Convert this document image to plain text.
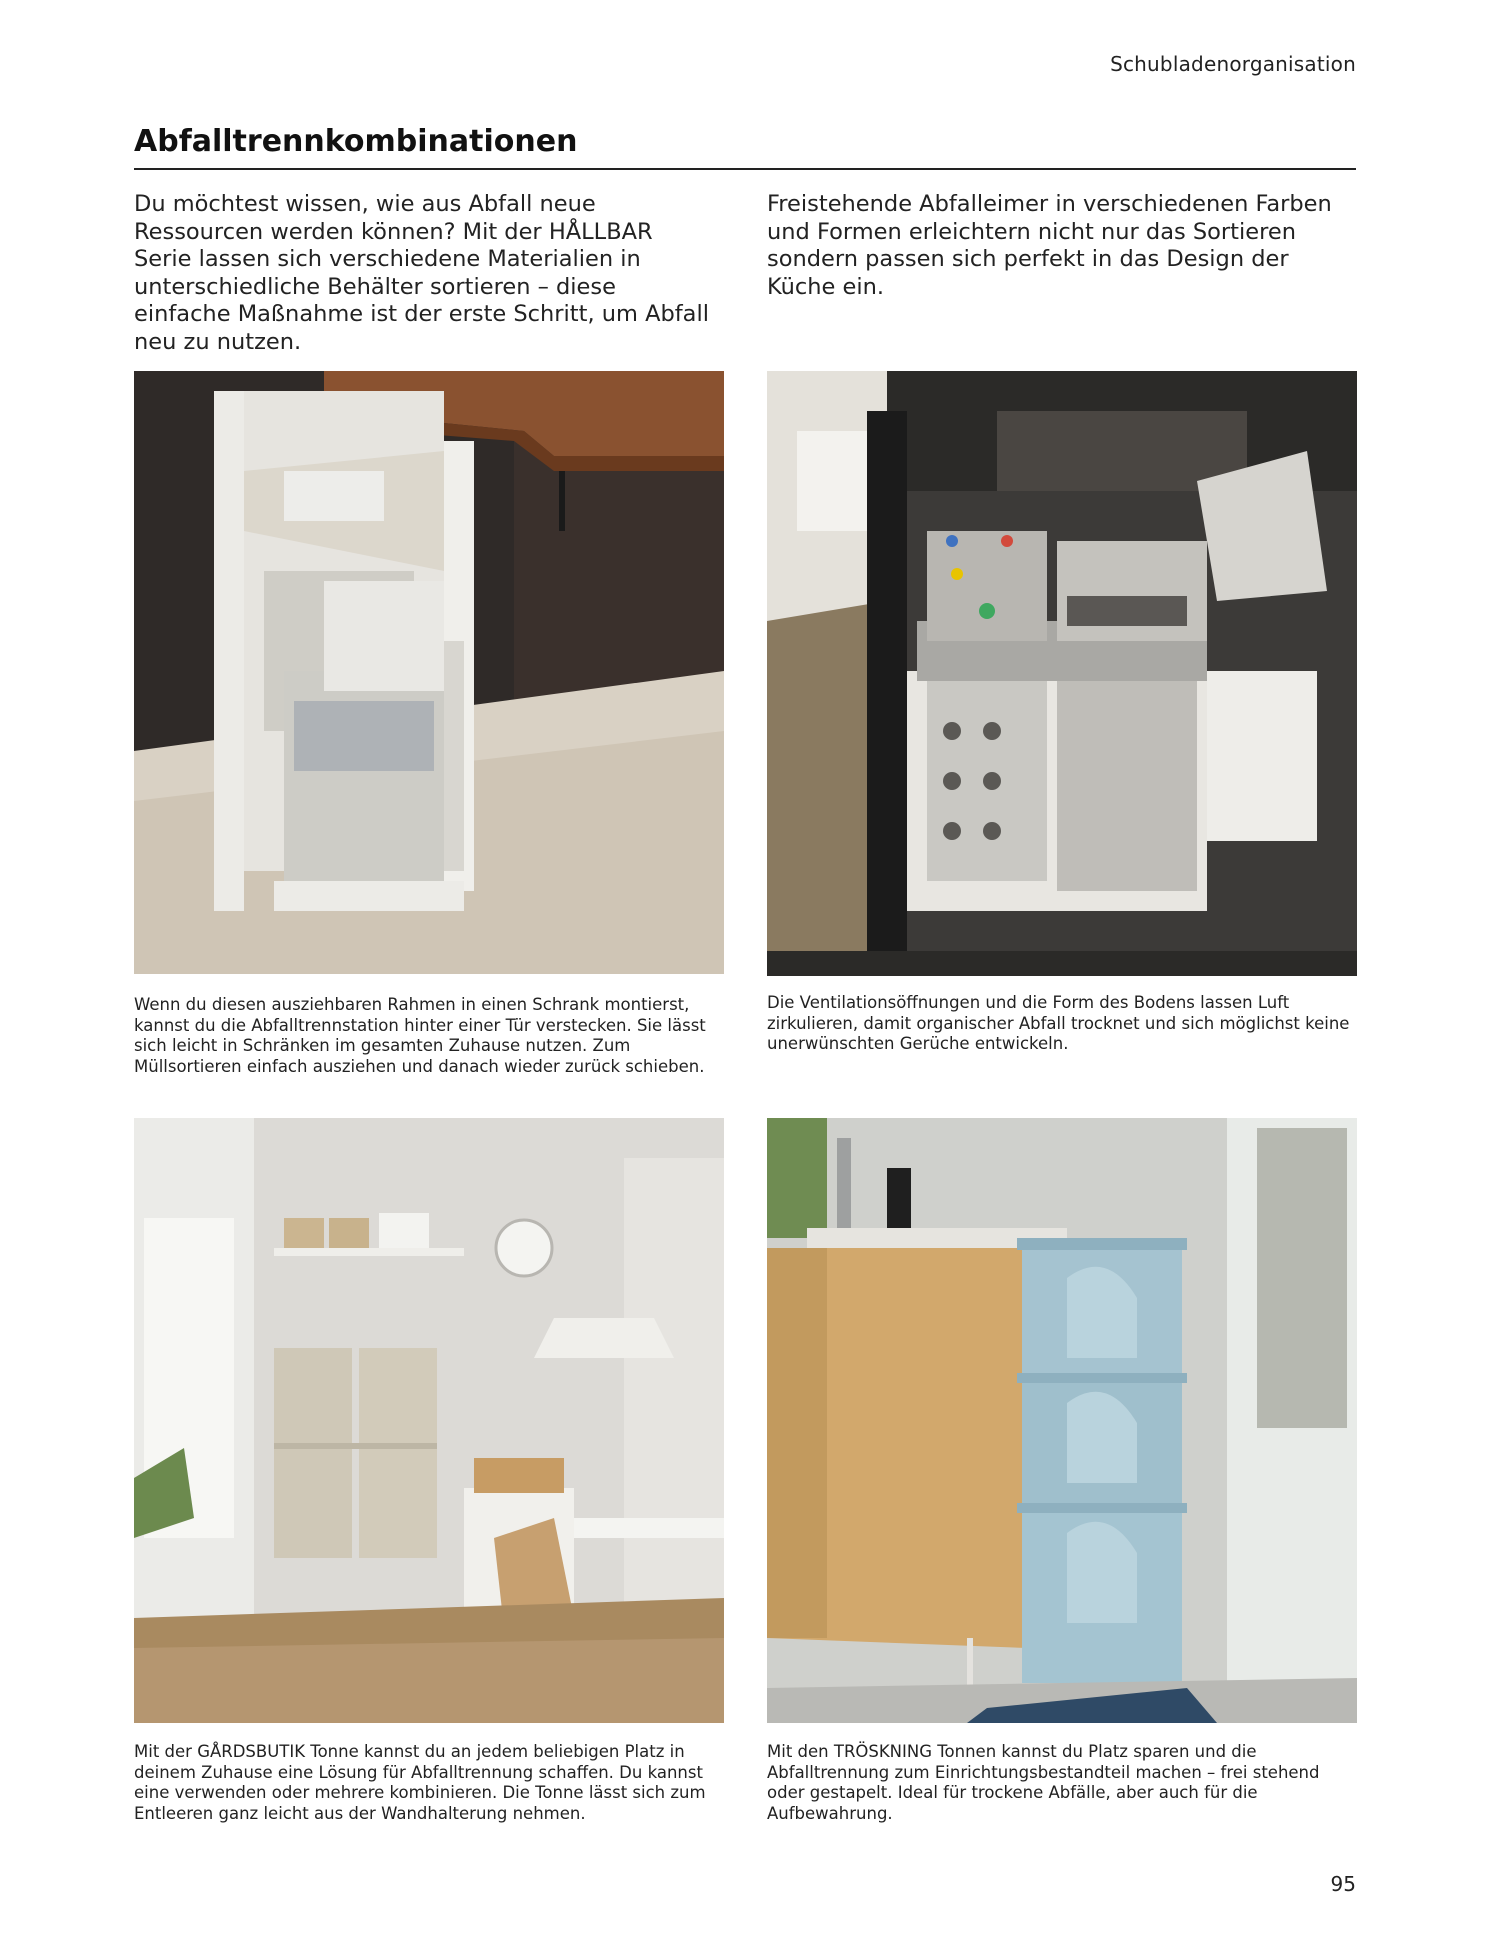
Schubladenorganisation
Abfalltrennkombinationen

Du möchtest wissen, wie aus Abfall neue Ressourcen werden können? Mit der HÅLLBAR Serie lassen sich verschiedene Materialien in unterschiedliche Behälter sortieren – diese einfache Maßnahme ist der erste Schritt, um Abfall neu zu nutzen.

Freistehende Abfalleimer in verschiedenen Farben und Formen erleichtern nicht nur das Sortieren sondern passen sich perfekt in das Design der Küche ein.

Wenn du diesen ausziehbaren Rahmen in einen Schrank montierst, kannst du die Abfalltrennstation hinter einer Tür verstecken. Sie lässt sich leicht in Schränken im gesamten Zuhause nutzen. Zum Müllsortieren einfach ausziehen und danach wieder zurück schieben.

Die Ventilationsöffnungen und die Form des Bodens lassen Luft zirkulieren, damit organischer Abfall trocknet und sich möglichst keine unerwünschten Gerüche entwickeln.

Mit der GÅRDSBUTIK Tonne kannst du an jedem beliebigen Platz in deinem Zuhause eine Lösung für Abfalltrennung schaffen. Du kannst eine verwenden oder mehrere kombinieren. Die Tonne lässt sich zum Entleeren ganz leicht aus der Wandhalterung nehmen.

Mit den TRÖSKNING Tonnen kannst du Platz sparen und die Abfalltrennung zum Einrichtungsbestandteil machen – frei stehend oder gestapelt. Ideal für trockene Abfälle, aber auch für die Aufbewahrung.

95
